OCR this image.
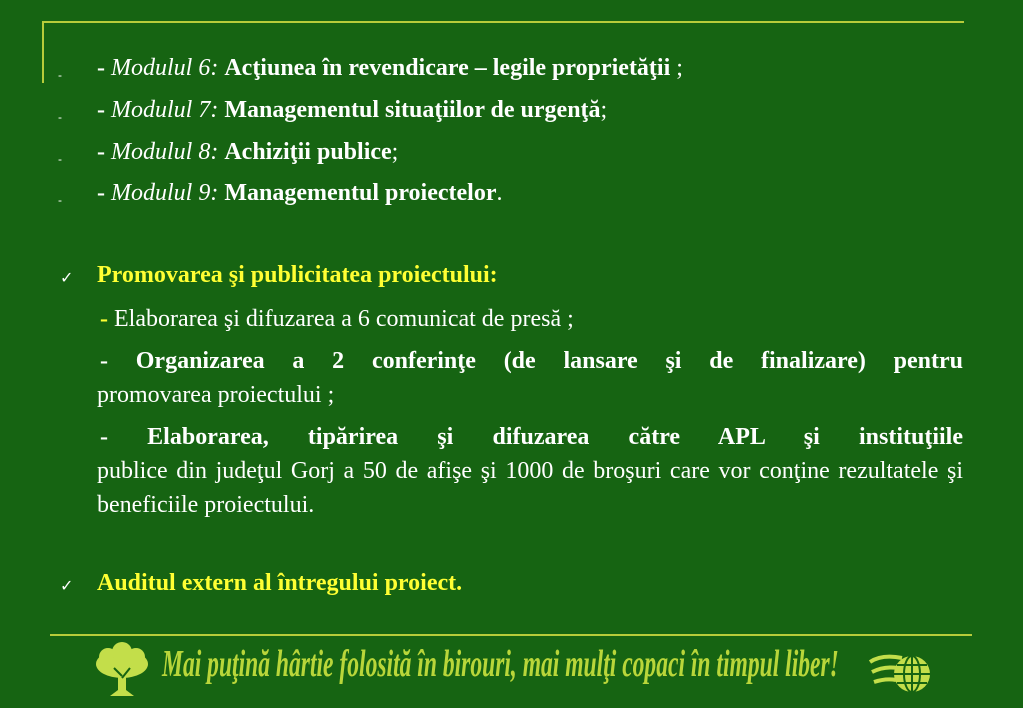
- - Modulul 6: Acţiunea în revendicare – legile proprietăţii ;
- - Modulul 7: Managementul situaţiilor de urgenţă;
- - Modulul 8: Achiziţii publice;
- - Modulul 9: Managementul proiectelor.
✓ Promovarea şi publicitatea proiectului:
- Elaborarea şi difuzarea a 6 comunicat de presă ;
- Organizarea a 2 conferinţe (de lansare şi de finalizare) pentru
promovarea proiectului ;
- Elaborarea, tipărirea şi difuzarea către APL şi instituţiile
publice din judeţul Gorj a 50 de afişe şi 1000 de broşuri care vor conţine rezultatele şi beneficiile proiectului.
✓ Auditul extern al întregului proiect.
Mai puţină hârtie folosită în birouri, mai mulţi copaci în timpul liber!
